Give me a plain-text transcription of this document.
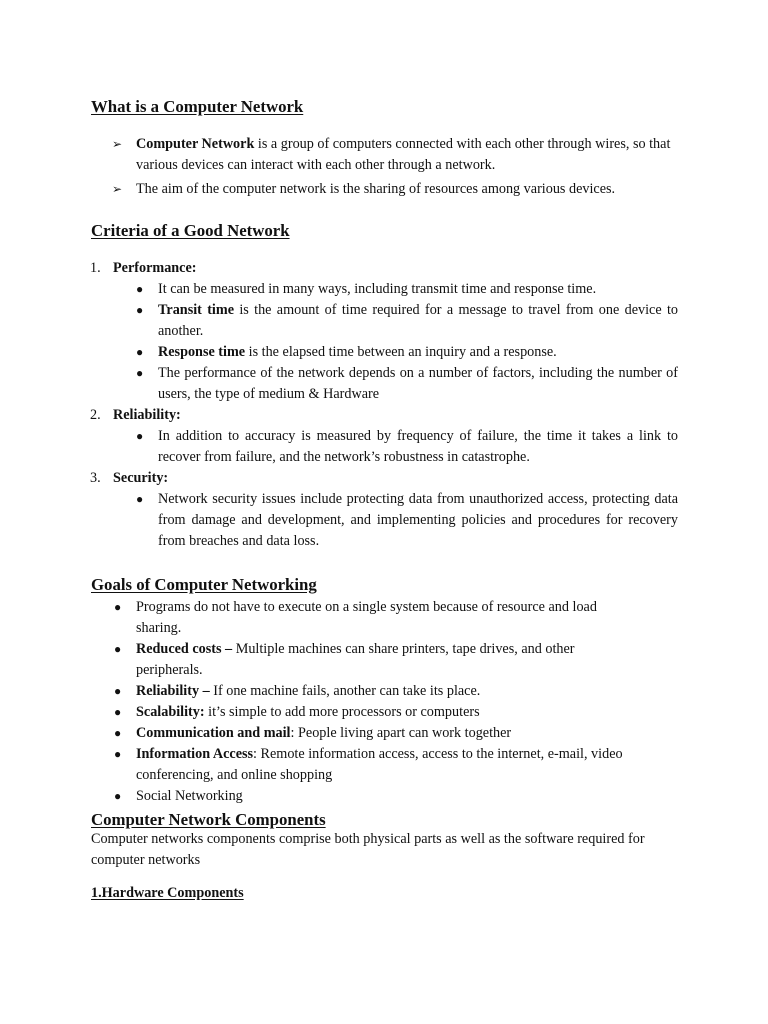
What is a Computer Network
➢ Computer Network is a group of computers connected with each other through wires, so that various devices can interact with each other through a network.
➢ The aim of the computer network is the sharing of resources among various devices.
Criteria of a Good Network
1. Performance:
● It can be measured in many ways, including transmit time and response time.
● Transit time is the amount of time required for a message to travel from one device to another.
● Response time is the elapsed time between an inquiry and a response.
● The performance of the network depends on a number of factors, including the number of users, the type of medium & Hardware
2. Reliability:
● In addition to accuracy is measured by frequency of failure, the time it takes a link to recover from failure, and the network’s robustness in catastrophe.
3. Security:
● Network security issues include protecting data from unauthorized access, protecting data from damage and development, and implementing policies and procedures for recovery from breaches and data loss.
Goals of Computer Networking
● Programs do not have to execute on a single system because of resource and load sharing.
● Reduced costs – Multiple machines can share printers, tape drives, and other peripherals.
● Reliability – If one machine fails, another can take its place.
● Scalability: it’s simple to add more processors or computers
● Communication and mail: People living apart can work together
● Information Access: Remote information access, access to the internet, e-mail, video conferencing, and online shopping
● Social Networking
Computer Network Components
Computer networks components comprise both physical parts as well as the software required for computer networks
1.Hardware Components
